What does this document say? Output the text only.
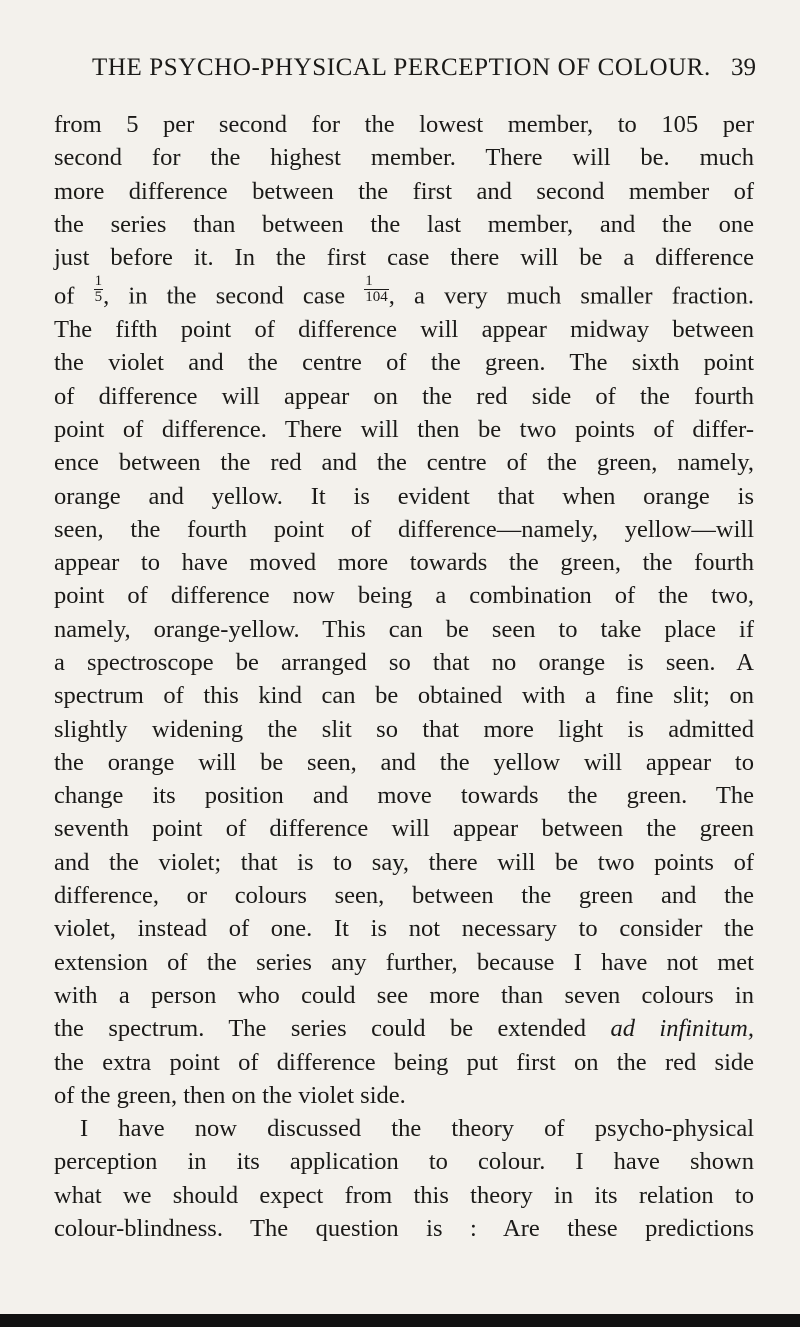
THE PSYCHO-PHYSICAL PERCEPTION OF COLOUR. 39
from 5 per second for the lowest member, to 105 per
second for the highest member. There will be. much
more difference between the first and second member of
the series than between the last member, and the one
just before it. In the first case there will be a difference
of $\frac{1}{5}$ , in the second case $\frac{1}{104}$ , a very much smaller fraction.
The fifth point of difference will appear midway between
the violet and the centre of the green. The sixth point
of difference will appear on the red side of the fourth
point of difference. There will then be two points of differ-
ence between the red and the centre of the green, namely,
orange and yellow. It is evident that when orange is
seen, the fourth point of difference—namely, yellow—will
appear to have moved more towards the green, the fourth
point of difference now being a combination of the two,
namely, orange-yellow. This can be seen to take place if
a spectroscope be arranged so that no orange is seen. A
spectrum of this kind can be obtained with a fine slit; on
slightly widening the slit so that more light is admitted
the orange will be seen, and the yellow will appear to
change its position and move towards the green. The
seventh point of difference will appear between the green
and the violet; that is to say, there will be two points of
difference, or colours seen, between the green and the
violet, instead of one. It is not necessary to consider the
extension of the series any further, because I have not met
with a person who could see more than seven colours in
the spectrum. The series could be extended ad infinitum,
the extra point of difference being put first on the red side
of the green, then on the violet side.
I have now discussed the theory of psycho-physical
perception in its application to colour. I have shown
what we should expect from this theory in its relation to
colour-blindness. The question is : Are these predictions
